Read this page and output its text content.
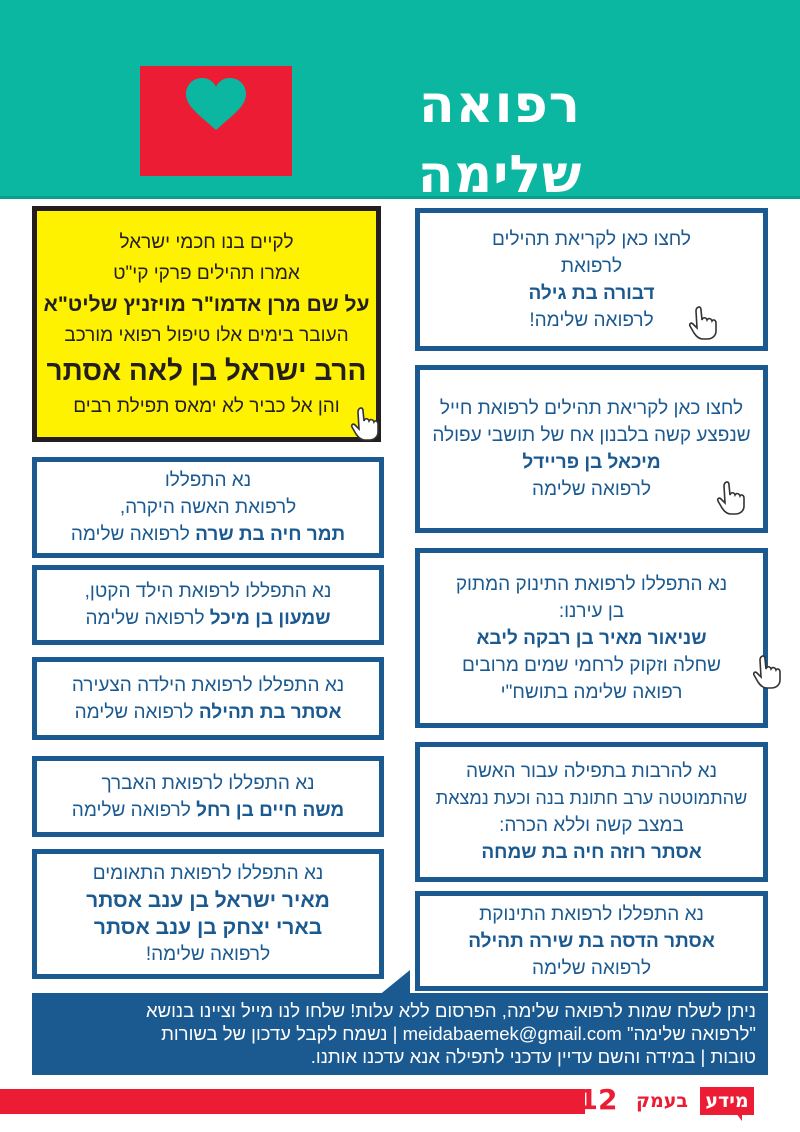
רפואה שלימה
לקיים בנו חכמי ישראל
אמרו תהילים פרקי קי"ט
על שם מרן אדמו"ר מויזניץ שליט"א
העובר בימים אלו טיפול רפואי מורכב
הרב ישראל בן לאה אסתר
והן אל כביר לא ימאס תפילת רבים
לחצו כאן לקריאת תהילים
לרפואת
דבורה בת גילה
לרפואה שלימה!
לחצו כאן לקריאת תהילים לרפואת חייל
שנפצע קשה בלבנון אח של תושבי עפולה
מיכאל בן פריידל
לרפואה שלימה
נא התפללו לרפואת התינוק המתוק
בן עירנו:
שניאור מאיר בן רבקה ליבא
שחלה וזקוק לרחמי שמים מרובים
רפואה שלימה בתושח"י
נא להרבות בתפילה עבור האשה
שהתמוטטה ערב חתונת בנה וכעת נמצאת
במצב קשה וללא הכרה:
אסתר רוזה חיה בת שמחה
נא התפללו לרפואת התינוקת
אסתר הדסה בת שירה תהילה
לרפואה שלימה
נא התפללו
לרפואת האשה היקרה,
תמר חיה בת שרה לרפואה שלימה
נא התפללו לרפואת הילד הקטן,
שמעון בן מיכל לרפואה שלימה
נא התפללו לרפואת הילדה הצעירה
אסתר בת תהילה לרפואה שלימה
נא התפללו לרפואת האברך
משה חיים בן רחל לרפואה שלימה
נא התפללו לרפואת התאומים
מאיר ישראל בן ענב אסתר
בארי יצחק בן ענב אסתר
לרפואה שלימה!
ניתן לשלח שמות לרפואה שלימה, הפרסום ללא עלות! שלחו לנו מייל וציינו בנושא
"לרפואה שלימה" meidabaemek@gmail.com | נשמח לקבל עדכון של בשורות
טובות | במידה והשם עדיין עדכני לתפילה אנא עדכנו אותנו.
12 בעמק מידע
